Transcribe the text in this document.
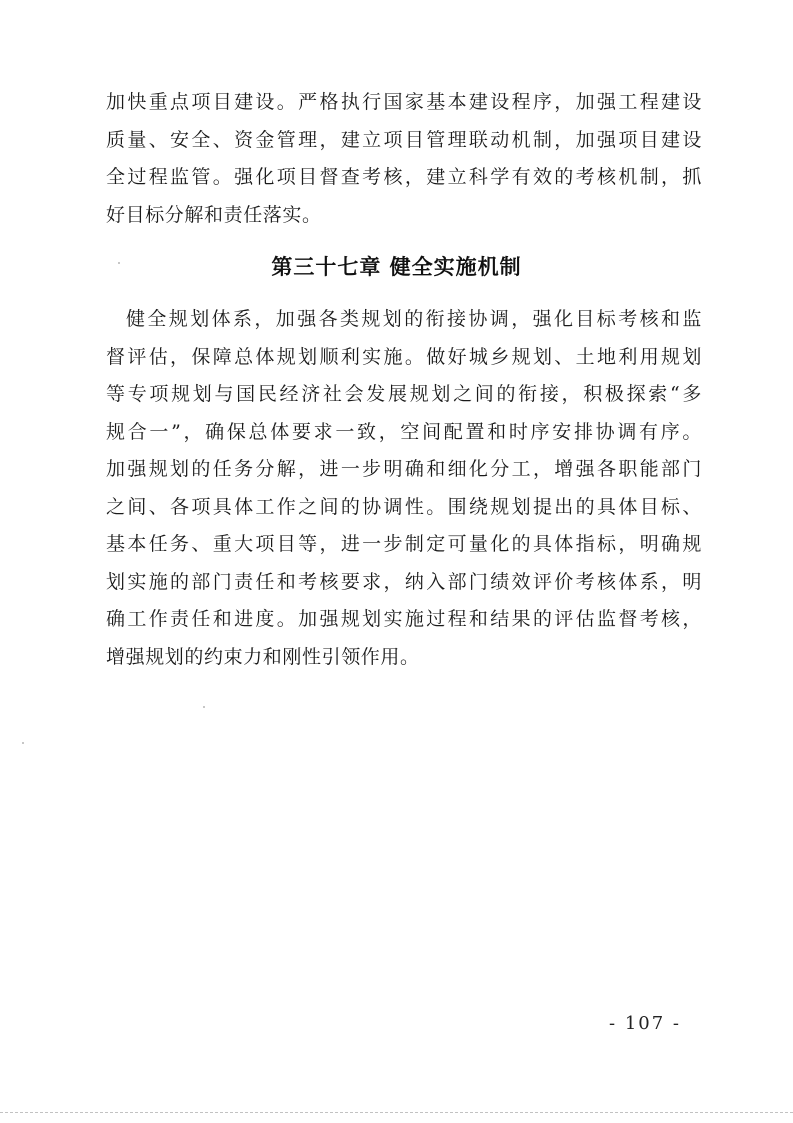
加快重点项目建设。严格执行国家基本建设程序，加强工程建设
质量、安全、资金管理，建立项目管理联动机制，加强项目建设
全过程监管。强化项目督查考核，建立科学有效的考核机制，抓
好目标分解和责任落实。
第三十七章 健全实施机制
健全规划体系，加强各类规划的衔接协调，强化目标考核和监
督评估，保障总体规划顺利实施。做好城乡规划、土地利用规划
等专项规划与国民经济社会发展规划之间的衔接，积极探索“多
规合一”，确保总体要求一致，空间配置和时序安排协调有序。
加强规划的任务分解，进一步明确和细化分工，增强各职能部门
之间、各项具体工作之间的协调性。围绕规划提出的具体目标、
基本任务、重大项目等，进一步制定可量化的具体指标，明确规
划实施的部门责任和考核要求，纳入部门绩效评价考核体系，明
确工作责任和进度。加强规划实施过程和结果的评估监督考核，
增强规划的约束力和刚性引领作用。
- 107 -
